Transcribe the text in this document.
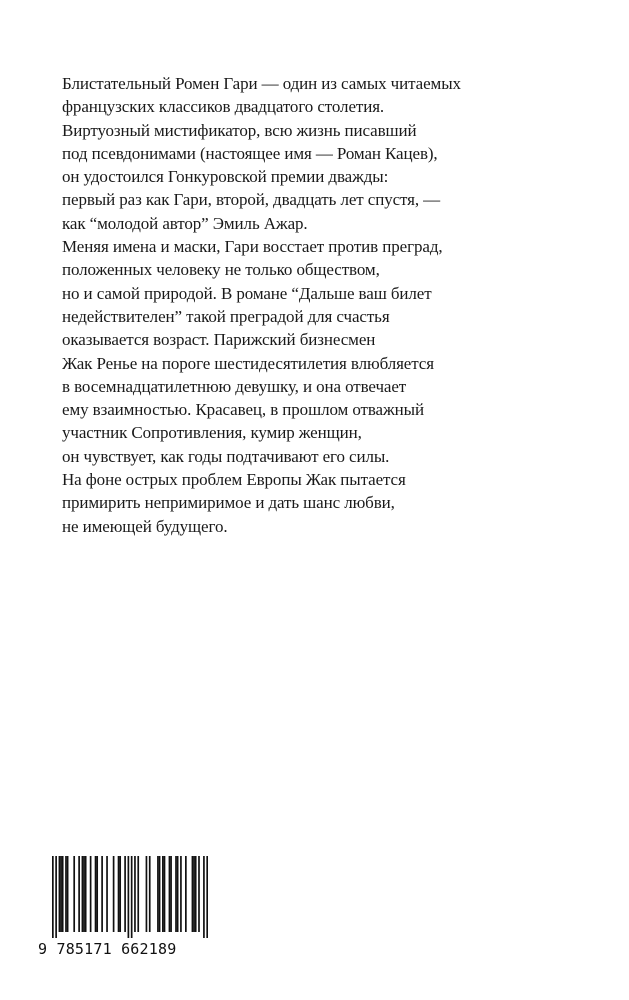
Блистательный Ромен Гари — один из самых читаемых
французских классиков двадцатого столетия.
Виртуозный мистификатор, всю жизнь писавший
под псевдонимами (настоящее имя — Роман Кацев),
он удостоился Гонкуровской премии дважды:
первый раз как Гари, второй, двадцать лет спустя, —
как “молодой автор” Эмиль Ажар.
Меняя имена и маски, Гари восстает против преград,
положенных человеку не только обществом,
но и самой природой. В романе “Дальше ваш билет
недействителен” такой преградой для счастья
оказывается возраст. Парижский бизнесмен
Жак Ренье на пороге шестидесятилетия влюбляется
в восемнадцатилетнюю девушку, и она отвечает
ему взаимностью. Красавец, в прошлом отважный
участник Сопротивления, кумир женщин,
он чувствует, как годы подтачивают его силы.
На фоне острых проблем Европы Жак пытается
примирить непримиримое и дать шанс любви,
не имеющей будущего.
9 785171 662189
